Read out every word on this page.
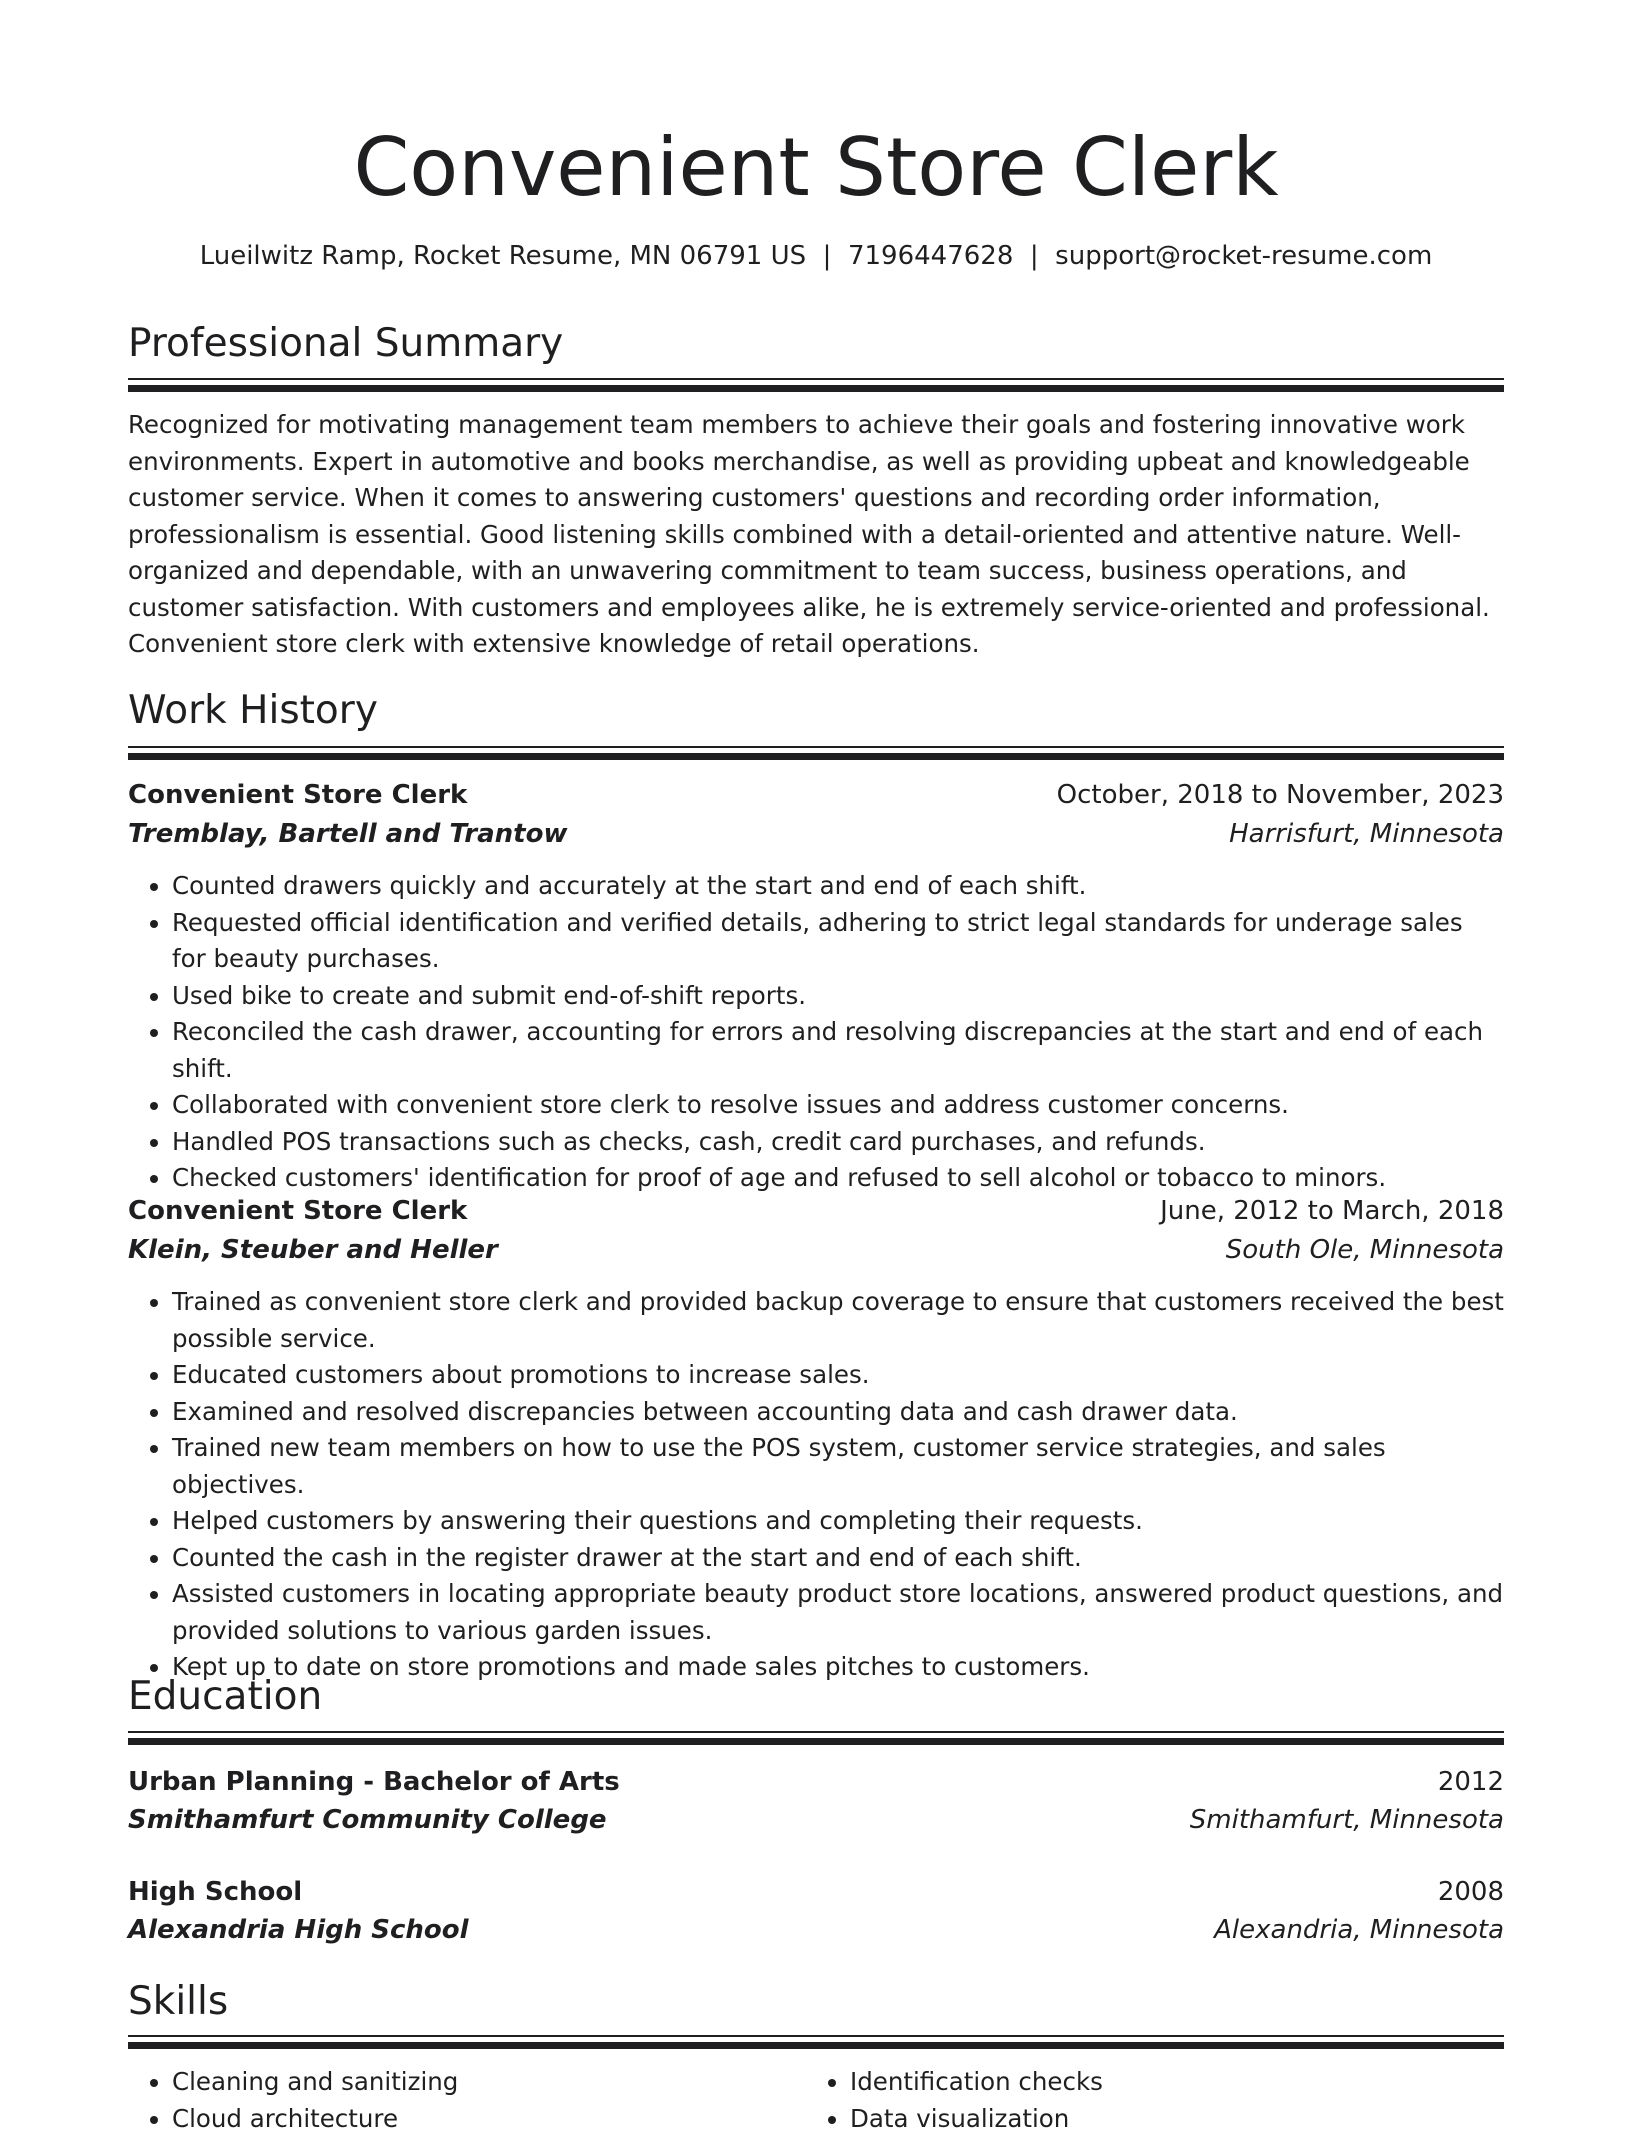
Convenient Store Clerk
Lueilwitz Ramp, Rocket Resume, MN 06791 US  |  7196447628  |  support@rocket-resume.com
Professional Summary

Recognized for motivating management team members to achieve their goals and fostering innovative work environments. Expert in automotive and books merchandise, as well as providing upbeat and knowledgeable customer service. When it comes to answering customers' questions and recording order information, professionalism is essential. Good listening skills combined with a detail-oriented and attentive nature. Well-organized and dependable, with an unwavering commitment to team success, business operations, and customer satisfaction. With customers and employees alike, he is extremely service-oriented and professional. Convenient store clerk with extensive knowledge of retail operations.

Work History
Convenient Store Clerk	October, 2018 to November, 2023
Tremblay, Bartell and Trantow	Harrisfurt, Minnesota
• Counted drawers quickly and accurately at the start and end of each shift.
• Requested official identification and verified details, adhering to strict legal standards for underage sales for beauty purchases.
• Used bike to create and submit end-of-shift reports.
• Reconciled the cash drawer, accounting for errors and resolving discrepancies at the start and end of each shift.
• Collaborated with convenient store clerk to resolve issues and address customer concerns.
• Handled POS transactions such as checks, cash, credit card purchases, and refunds.
• Checked customers' identification for proof of age and refused to sell alcohol or tobacco to minors.
Convenient Store Clerk	June, 2012 to March, 2018
Klein, Steuber and Heller	South Ole, Minnesota
• Trained as convenient store clerk and provided backup coverage to ensure that customers received the best possible service.
• Educated customers about promotions to increase sales.
• Examined and resolved discrepancies between accounting data and cash drawer data.
• Trained new team members on how to use the POS system, customer service strategies, and sales objectives.
• Helped customers by answering their questions and completing their requests.
• Counted the cash in the register drawer at the start and end of each shift.
• Assisted customers in locating appropriate beauty product store locations, answered product questions, and provided solutions to various garden issues.
• Kept up to date on store promotions and made sales pitches to customers.
Education
Urban Planning - Bachelor of Arts	2012
Smithamfurt Community College	Smithamfurt, Minnesota
High School	2008
Alexandria High School	Alexandria, Minnesota
Skills
• Cleaning and sanitizing
• Cloud architecture
• Identification checks
• Data visualization
